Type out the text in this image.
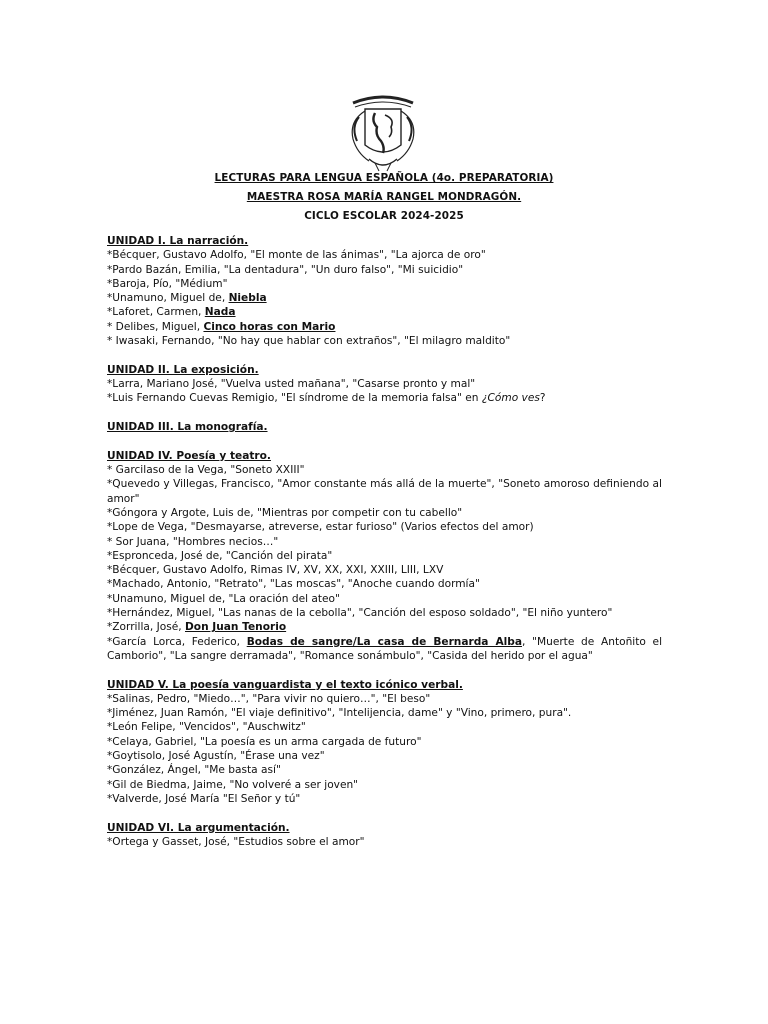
LECTURAS PARA LENGUA ESPAÑOLA (4o. PREPARATORIA)
MAESTRA ROSA MARÍA RANGEL MONDRAGÓN.
CICLO ESCOLAR 2024-2025
UNIDAD I. La narración.
*Bécquer, Gustavo Adolfo, "El monte de las ánimas", "La ajorca de oro"
*Pardo Bazán, Emilia, "La dentadura", "Un duro falso", "Mi suicidio"
*Baroja, Pío, "Médium"
*Unamuno, Miguel de, Niebla
*Laforet, Carmen, Nada
* Delibes, Miguel, Cinco horas con Mario
* Iwasaki, Fernando, "No hay que hablar con extraños", "El milagro maldito"
UNIDAD II. La exposición.
*Larra, Mariano José, "Vuelva usted mañana", "Casarse pronto y mal"
*Luis Fernando Cuevas Remigio, "El síndrome de la memoria falsa" en ¿Cómo ves?
UNIDAD III. La monografía.
UNIDAD IV. Poesía y teatro.
* Garcilaso de la Vega, "Soneto XXIII"
*Quevedo y Villegas, Francisco, "Amor constante más allá de la muerte", "Soneto amoroso definiendo al amor"
*Góngora y Argote, Luis de, "Mientras por competir con tu cabello"
*Lope de Vega, "Desmayarse, atreverse, estar furioso" (Varios efectos del amor)
* Sor Juana, "Hombres necios…"
*Espronceda, José de, "Canción del pirata"
*Bécquer, Gustavo Adolfo, Rimas IV, XV, XX, XXI, XXIII, LIII, LXV
*Machado, Antonio, "Retrato", "Las moscas", "Anoche cuando dormía"
*Unamuno, Miguel de, "La oración del ateo"
*Hernández, Miguel, "Las nanas de la cebolla", "Canción del esposo soldado", "El niño yuntero"
*Zorrilla, José, Don Juan Tenorio
*García Lorca, Federico, Bodas de sangre/La casa de Bernarda Alba, "Muerte de Antoñito el Camborio", "La sangre derramada", "Romance sonámbulo", "Casida del herido por el agua"
UNIDAD V. La poesía vanguardista y el texto icónico verbal.
*Salinas, Pedro, "Miedo…", "Para vivir no quiero…", "El beso"
*Jiménez, Juan Ramón, "El viaje definitivo", "Intelijencia, dame" y "Vino, primero, pura".
*León Felipe, "Vencidos", "Auschwitz"
*Celaya, Gabriel, "La poesía es un arma cargada de futuro"
*Goytisolo, José Agustín, "Érase una vez"
*González, Ángel, "Me basta así"
*Gil de Biedma, Jaime, "No volveré a ser joven"
*Valverde, José María "El Señor y tú"
UNIDAD VI. La argumentación.
*Ortega y Gasset, José, "Estudios sobre el amor"
